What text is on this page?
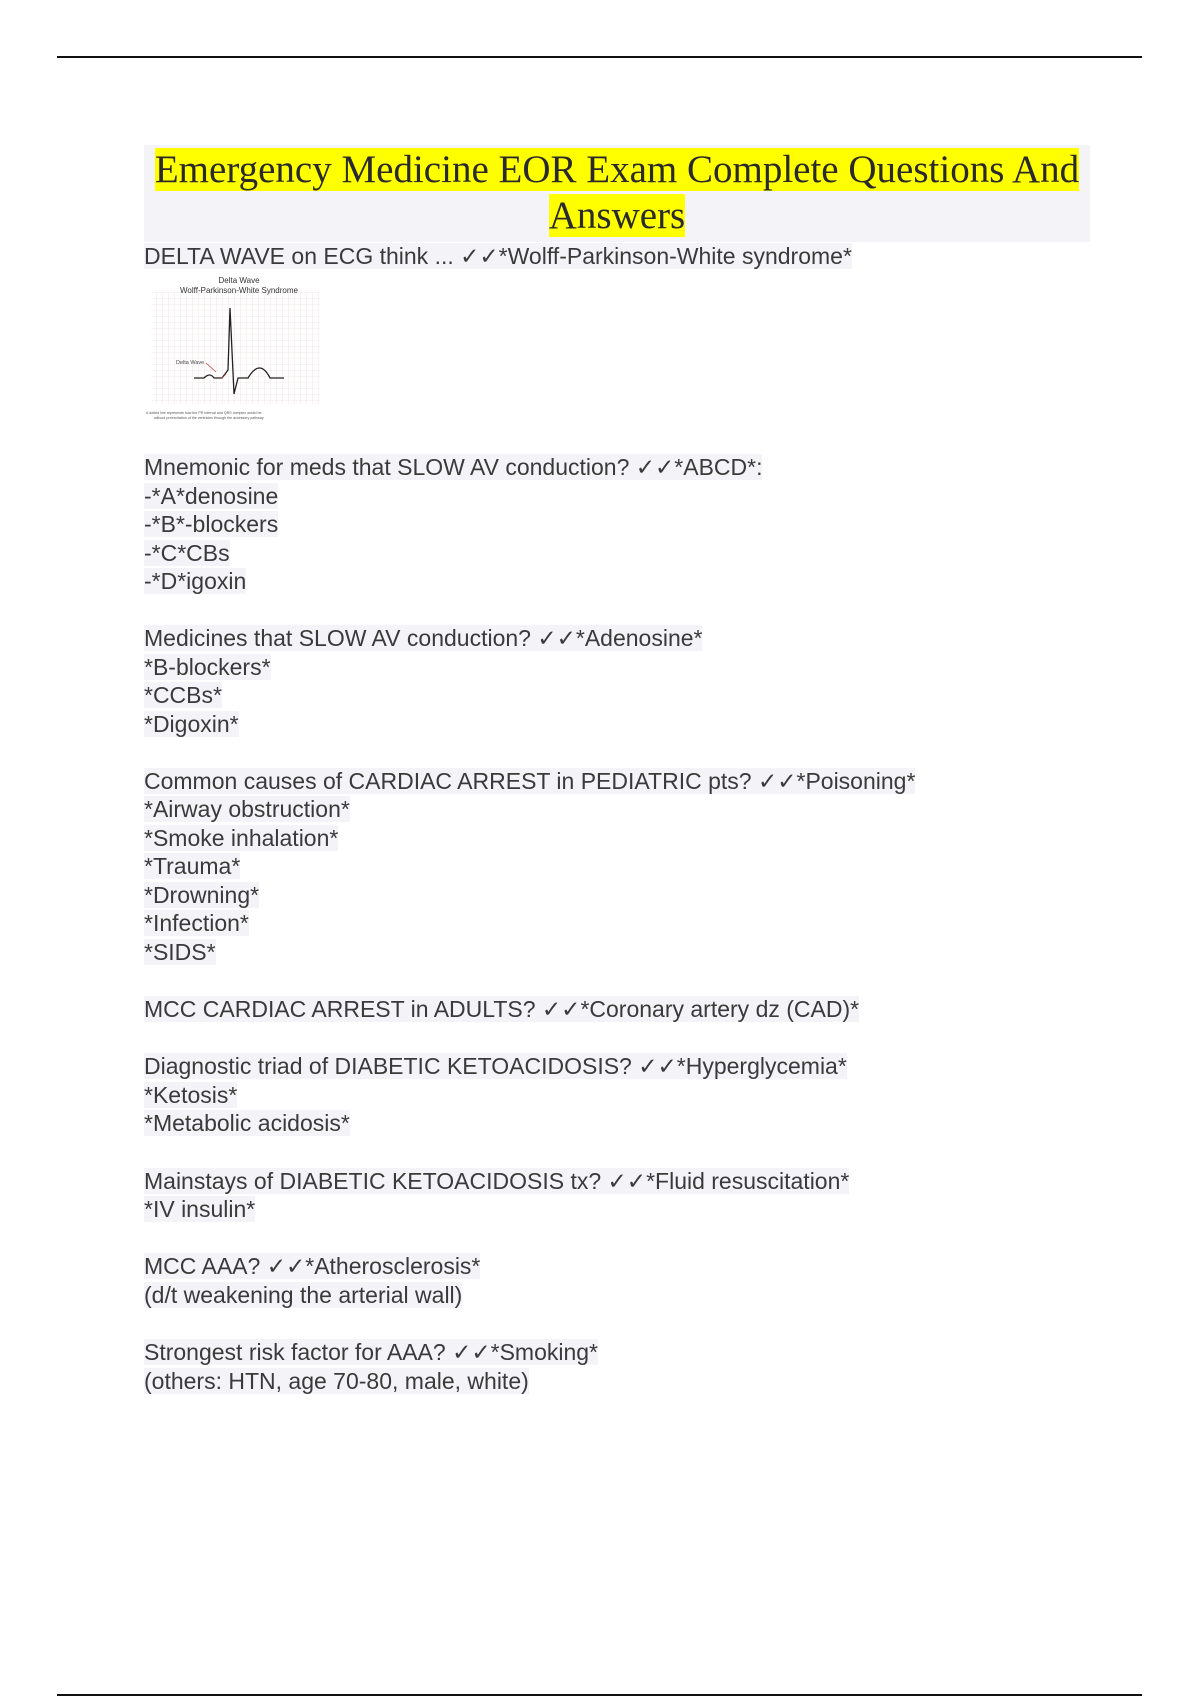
Emergency Medicine EOR Exam Complete Questions And Answers
DELTA WAVE on ECG think ... ✓✓*Wolff-Parkinson-White syndrome*
Delta Wave
Wolff-Parkinson-White Syndrome
Delta Wave
A dotted line represents how the PR interval and QRS complex would be
without preexcitation of the ventricles through the accessory pathway
Mnemonic for meds that SLOW AV conduction? ✓✓*ABCD*:
-*A*denosine
-*B*-blockers
-*C*CBs
-*D*igoxin
Medicines that SLOW AV conduction? ✓✓*Adenosine*
*B-blockers*
*CCBs*
*Digoxin*
Common causes of CARDIAC ARREST in PEDIATRIC pts? ✓✓*Poisoning*
*Airway obstruction*
*Smoke inhalation*
*Trauma*
*Drowning*
*Infection*
*SIDS*
MCC CARDIAC ARREST in ADULTS? ✓✓*Coronary artery dz (CAD)*
Diagnostic triad of DIABETIC KETOACIDOSIS? ✓✓*Hyperglycemia*
*Ketosis*
*Metabolic acidosis*
Mainstays of DIABETIC KETOACIDOSIS tx? ✓✓*Fluid resuscitation*
*IV insulin*
MCC AAA? ✓✓*Atherosclerosis*
(d/t weakening the arterial wall)
Strongest risk factor for AAA? ✓✓*Smoking*
(others: HTN, age 70-80, male, white)
